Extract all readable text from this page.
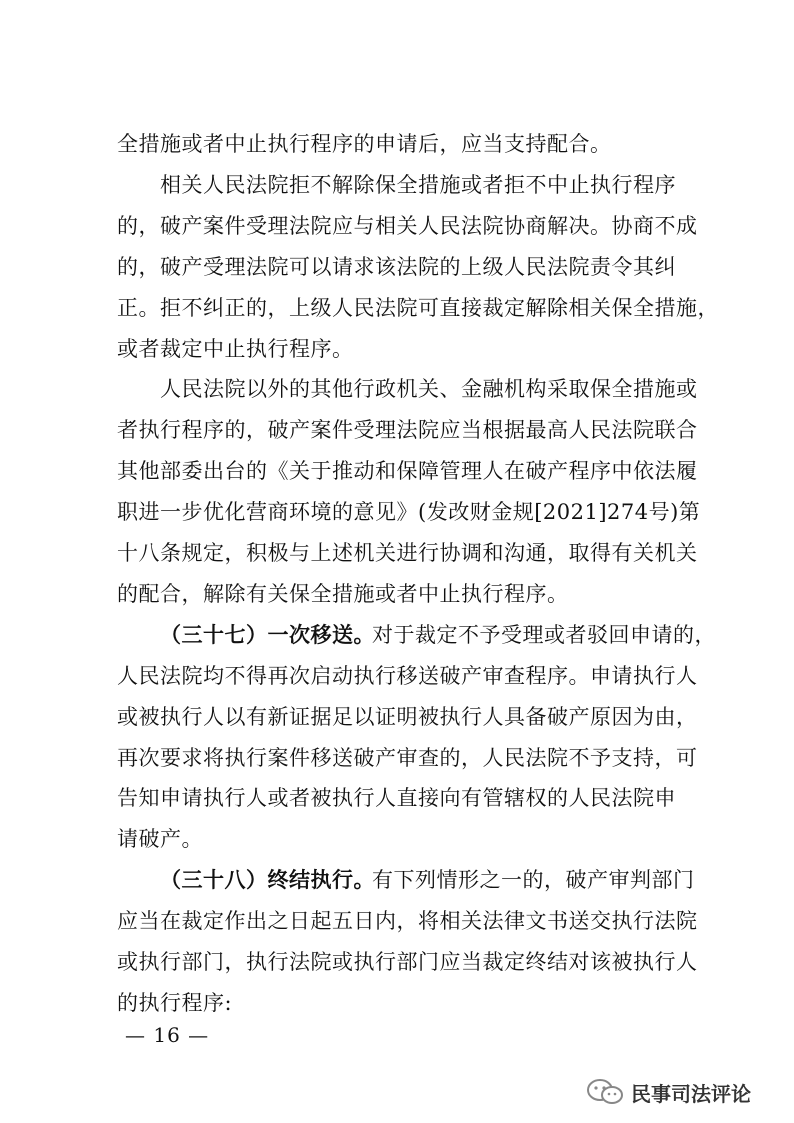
全措施或者中止执行程序的申请后，应当支持配合。
相关人民法院拒不解除保全措施或者拒不中止执行程序
的，破产案件受理法院应与相关人民法院协商解决。协商不成
的，破产受理法院可以请求该法院的上级人民法院责令其纠
正。拒不纠正的，上级人民法院可直接裁定解除相关保全措施，
或者裁定中止执行程序。
人民法院以外的其他行政机关、金融机构采取保全措施或
者执行程序的，破产案件受理法院应当根据最高人民法院联合
其他部委出台的《关于推动和保障管理人在破产程序中依法履
职进一步优化营商环境的意见》(发改财金规[2021]274号)第
十八条规定，积极与上述机关进行协调和沟通，取得有关机关
的配合，解除有关保全措施或者中止执行程序。
（三十七）一次移送。
对于裁定不予受理或者驳回申请的，
人民法院均不得再次启动执行移送破产审查程序。申请执行人
或被执行人以有新证据足以证明被执行人具备破产原因为由，
再次要求将执行案件移送破产审查的，人民法院不予支持，可
告知申请执行人或者被执行人直接向有管辖权的人民法院申
请破产。
（三十八）终结执行。
有下列情形之一的，破产审判部门
应当在裁定作出之日起五日内，将相关法律文书送交执行法院
或执行部门，执行法院或执行部门应当裁定终结对该被执行人
的执行程序:
— 16 —
民事司法评论
